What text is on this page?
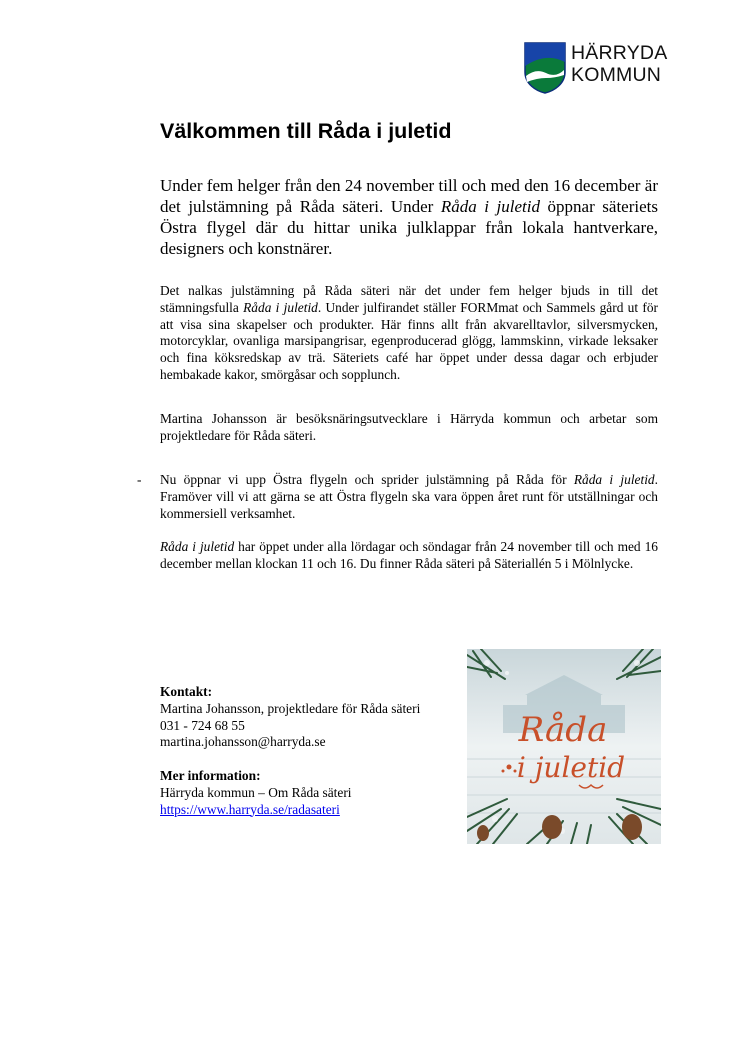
HÄRRYDA
KOMMUN
Välkommen till Råda i juletid

Under fem helger från den 24 november till och med den 16 december är det julstämning på Råda säteri. Under Råda i juletid öppnar säteriets Östra flygel där du hittar unika julklappar från lokala hantverkare, designers och konstnärer.

Det nalkas julstämning på Råda säteri när det under fem helger bjuds in till det stämningsfulla Råda i juletid. Under julfirandet ställer FORMmat och Sammels gård ut för att visa sina skapelser och produkter. Här finns allt från akvarelltavlor, silversmycken, motorcyklar, ovanliga marsipangrisar, egenproducerad glögg, lammskinn, virkade leksaker och fina köksredskap av trä. Säteriets café har öppet under dessa dagar och erbjuder hembakade kakor, smörgåsar och sopplunch.

Martina Johansson är besöksnäringsutvecklare i Härryda kommun och arbetar som projektledare för Råda säteri.

- Nu öppnar vi upp Östra flygeln och sprider julstämning på Råda för Råda i juletid. Framöver vill vi att gärna se att Östra flygeln ska vara öppen året runt för utställningar och kommersiell verksamhet.

Råda i juletid har öppet under alla lördagar och söndagar från 24 november till och med 16 december mellan klockan 11 och 16. Du finner Råda säteri på Säteriallén 5 i Mölnlycke.

Kontakt:
Martina Johansson, projektledare för Råda säteri
031 - 724 68 55
martina.johansson@harryda.se
Mer information:
Härryda kommun – Om Råda säteri
https://www.harryda.se/radasateri
Råda
i juletid
